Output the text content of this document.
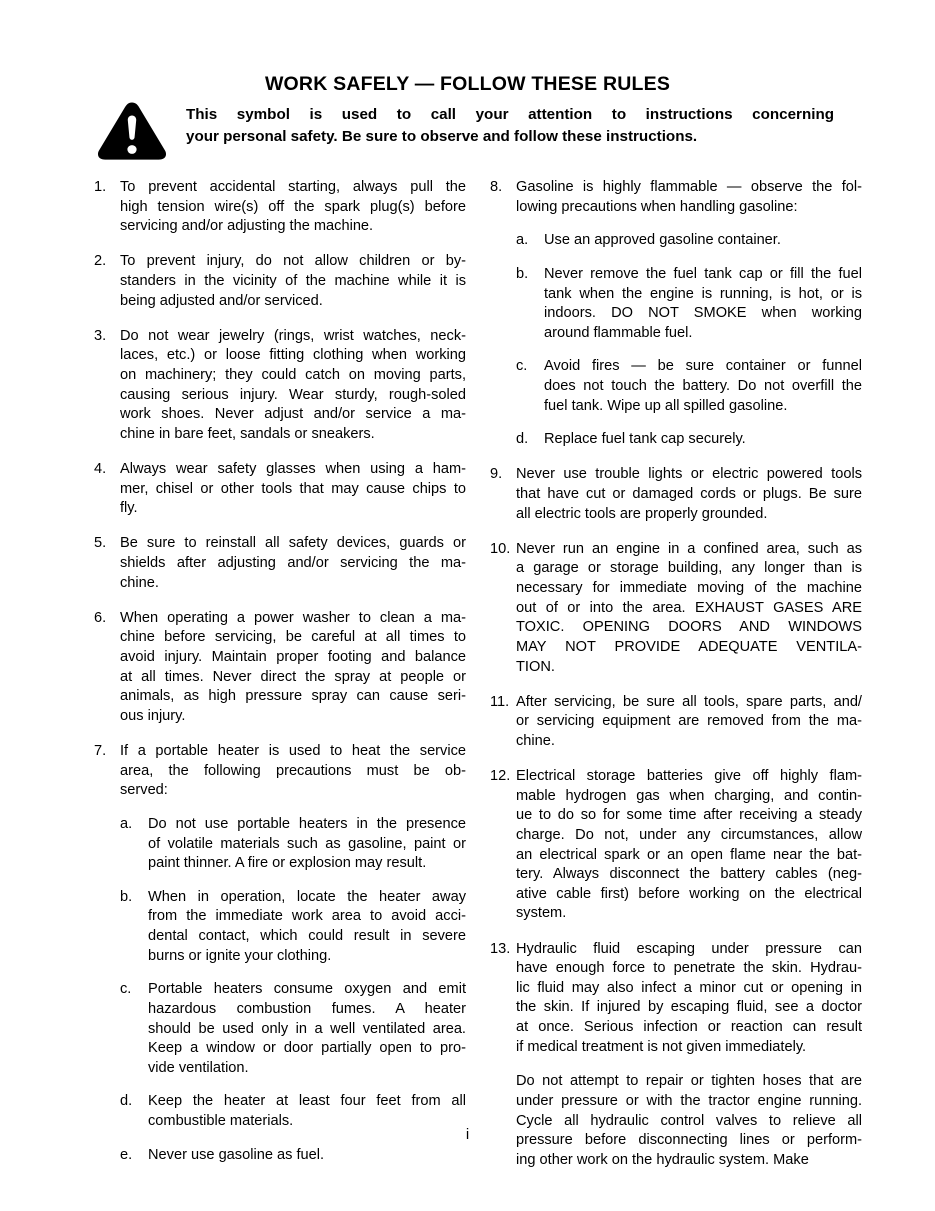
WORK SAFELY — FOLLOW THESE RULES
This symbol is used to call your attention to instructions concerning
your personal safety. Be sure to observe and follow these instructions.
1. To prevent accidental starting, always pull the
high tension wire(s) off the spark plug(s) before
servicing and/or adjusting the machine.
2. To prevent injury, do not allow children or by-
standers in the vicinity of the machine while it is
being adjusted and/or serviced.
3. Do not wear jewelry (rings, wrist watches, neck-
laces, etc.) or loose fitting clothing when working
on machinery; they could catch on moving parts,
causing serious injury. Wear sturdy, rough-soled
work shoes. Never adjust and/or service a ma-
chine in bare feet, sandals or sneakers.
4. Always wear safety glasses when using a ham-
mer, chisel or other tools that may cause chips to
fly.
5. Be sure to reinstall all safety devices, guards or
shields after adjusting and/or servicing the ma-
chine.
6. When operating a power washer to clean a ma-
chine before servicing, be careful at all times to
avoid injury. Maintain proper footing and balance
at all times. Never direct the spray at people or
animals, as high pressure spray can cause seri-
ous injury.
7. If a portable heater is used to heat the service
area, the following precautions must be ob-
served:
a.	Do not use portable heaters in the presence
of volatile materials such as gasoline, paint or
paint thinner. A fire or explosion may result.
b.	When in operation, locate the heater away
from the immediate work area to avoid acci-
dental contact, which could result in severe
burns or ignite your clothing.
c.	Portable heaters consume oxygen and emit
hazardous combustion fumes. A heater
should be used only in a well ventilated area.
Keep a window or door partially open to pro-
vide ventilation.
d.	Keep the heater at least four feet from all
combustible materials.
e.	Never use gasoline as fuel.
8. Gasoline is highly flammable — observe the fol-
lowing precautions when handling gasoline:
a.	Use an approved gasoline container.
b.	Never remove the fuel tank cap or fill the fuel
tank when the engine is running, is hot, or is
indoors. DO NOT SMOKE when working
around flammable fuel.
c.	Avoid fires — be sure container or funnel
does not touch the battery. Do not overfill the
fuel tank. Wipe up all spilled gasoline.
d.	Replace fuel tank cap securely.
9. Never use trouble lights or electric powered tools
that have cut or damaged cords or plugs. Be sure
all electric tools are properly grounded.
10. Never run an engine in a confined area, such as
a garage or storage building, any longer than is
necessary for immediate moving of the machine
out of or into the area. EXHAUST GASES ARE
TOXIC. OPENING DOORS AND WINDOWS
MAY NOT PROVIDE ADEQUATE VENTILA-
TION.
11. After servicing, be sure all tools, spare parts, and/
or servicing equipment are removed from the ma-
chine.
12. Electrical storage batteries give off highly flam-
mable hydrogen gas when charging, and contin-
ue to do so for some time after receiving a steady
charge. Do not, under any circumstances, allow
an electrical spark or an open flame near the bat-
tery. Always disconnect the battery cables (neg-
ative cable first) before working on the electrical
system.
13. Hydraulic fluid escaping under pressure can
have enough force to penetrate the skin. Hydrau-
lic fluid may also infect a minor cut or opening in
the skin. If injured by escaping fluid, see a doctor
at once. Serious infection or reaction can result
if medical treatment is not given immediately.
Do not attempt to repair or tighten hoses that are
under pressure or with the tractor engine running.
Cycle all hydraulic control valves to relieve all
pressure before disconnecting lines or perform-
ing other work on the hydraulic system. Make
i
